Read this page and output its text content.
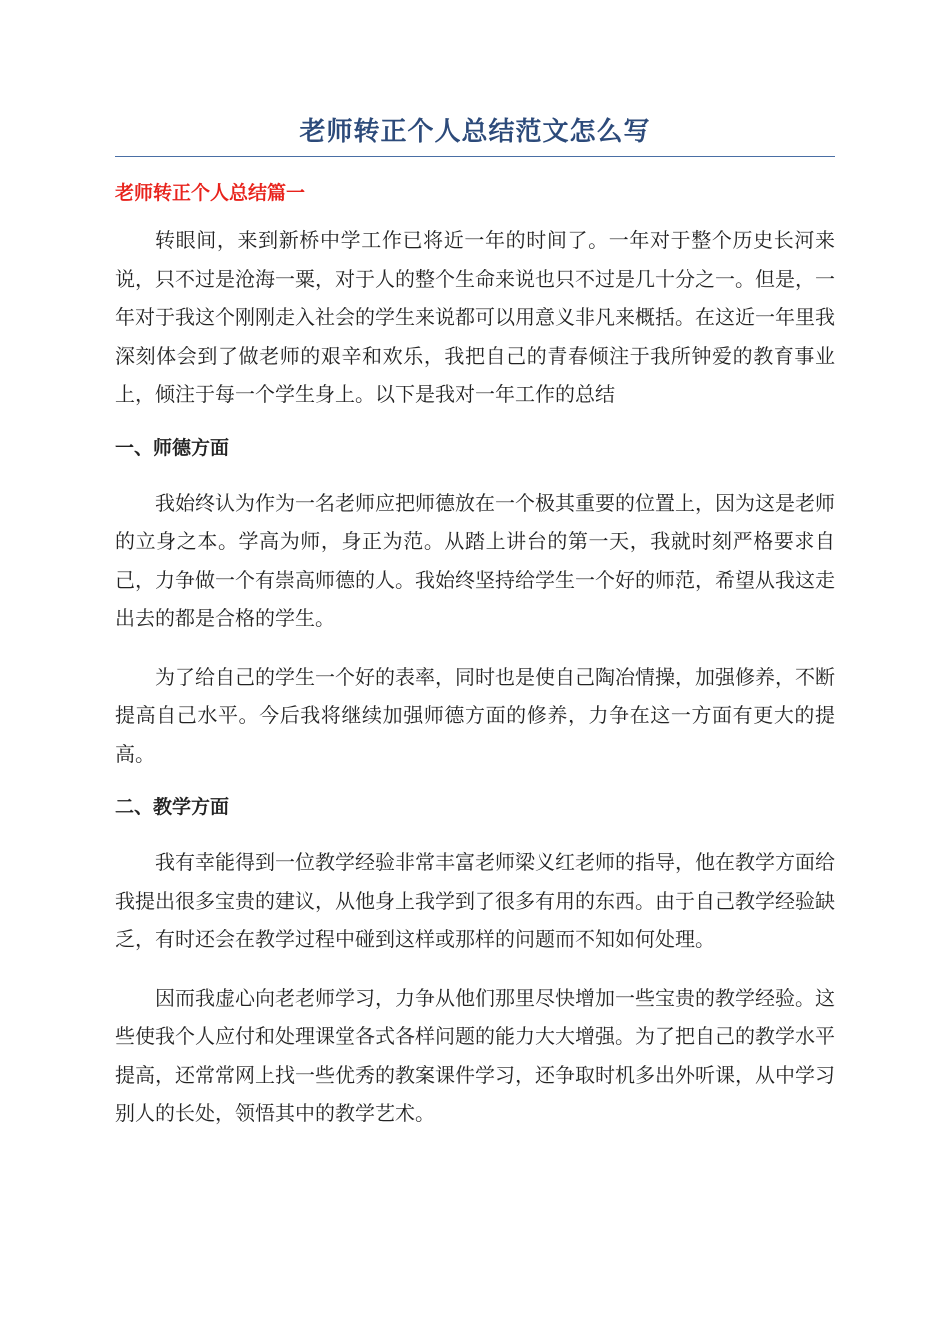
老师转正个人总结范文怎么写
老师转正个人总结篇一

转眼间，来到新桥中学工作已将近一年的时间了。一年对于整个历史长河来说，只不过是沧海一粟，对于人的整个生命来说也只不过是几十分之一。但是，一年对于我这个刚刚走入社会的学生来说都可以用意义非凡来概括。在这近一年里我深刻体会到了做老师的艰辛和欢乐，我把自己的青春倾注于我所钟爱的教育事业上，倾注于每一个学生身上。以下是我对一年工作的总结

一、师德方面

我始终认为作为一名老师应把师德放在一个极其重要的位置上，因为这是老师的立身之本。学高为师，身正为范。从踏上讲台的第一天，我就时刻严格要求自己，力争做一个有崇高师德的人。我始终坚持给学生一个好的师范，希望从我这走出去的都是合格的学生。

为了给自己的学生一个好的表率，同时也是使自己陶冶情操，加强修养，不断提高自己水平。今后我将继续加强师德方面的修养，力争在这一方面有更大的提高。

二、教学方面

我有幸能得到一位教学经验非常丰富老师梁义红老师的指导，他在教学方面给我提出很多宝贵的建议，从他身上我学到了很多有用的东西。由于自己教学经验缺乏，有时还会在教学过程中碰到这样或那样的问题而不知如何处理。

因而我虚心向老老师学习，力争从他们那里尽快增加一些宝贵的教学经验。这些使我个人应付和处理课堂各式各样问题的能力大大增强。为了把自己的教学水平提高，还常常网上找一些优秀的教案课件学习，还争取时机多出外听课，从中学习别人的长处，领悟其中的教学艺术。
